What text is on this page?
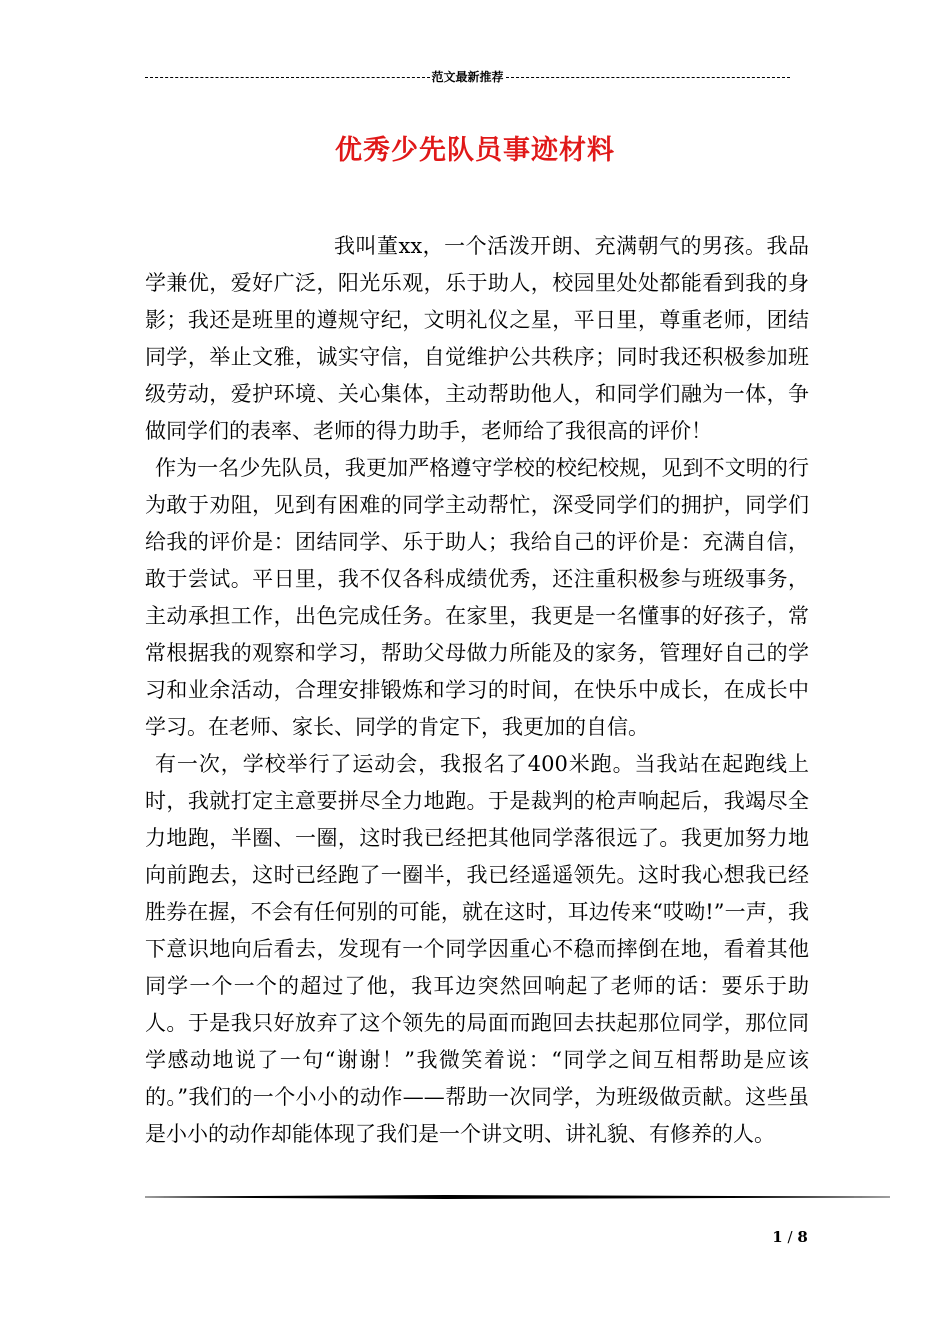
范文最新推荐
优秀少先队员事迹材料

我叫董xx，一个活泼开朗、充满朝气的男孩。我品学兼优，爱好广泛，阳光乐观，乐于助人，校园里处处都能看到我的身影；我还是班里的遵规守纪，文明礼仪之星，平日里，尊重老师，团结同学，举止文雅，诚实守信，自觉维护公共秩序；同时我还积极参加班级劳动，爱护环境、关心集体，主动帮助他人，和同学们融为一体，争做同学们的表率、老师的得力助手，老师给了我很高的评价！

作为一名少先队员，我更加严格遵守学校的校纪校规，见到不文明的行为敢于劝阻，见到有困难的同学主动帮忙，深受同学们的拥护，同学们给我的评价是：团结同学、乐于助人；我给自己的评价是：充满自信，敢于尝试。平日里，我不仅各科成绩优秀，还注重积极参与班级事务，主动承担工作，出色完成任务。在家里，我更是一名懂事的好孩子，常常根据我的观察和学习，帮助父母做力所能及的家务，管理好自己的学习和业余活动，合理安排锻炼和学习的时间，在快乐中成长，在成长中学习。在老师、家长、同学的肯定下，我更加的自信。

有一次，学校举行了运动会，我报名了400米跑。当我站在起跑线上时，我就打定主意要拼尽全力地跑。于是裁判的枪声响起后，我竭尽全力地跑，半圈、一圈，这时我已经把其他同学落很远了。我更加努力地向前跑去，这时已经跑了一圈半，我已经遥遥领先。这时我心想我已经胜券在握，不会有任何别的可能，就在这时，耳边传来“哎呦!”一声，我下意识地向后看去，发现有一个同学因重心不稳而摔倒在地，看着其他同学一个一个的超过了他，我耳边突然回响起了老师的话：要乐于助人。于是我只好放弃了这个领先的局面而跑回去扶起那位同学，那位同学感动地说了一句“谢谢！”我微笑着说：“同学之间互相帮助是应该的。”我们的一个小小的动作——帮助一次同学，为班级做贡献。这些虽是小小的动作却能体现了我们是一个讲文明、讲礼貌、有修养的人。

1 / 8
